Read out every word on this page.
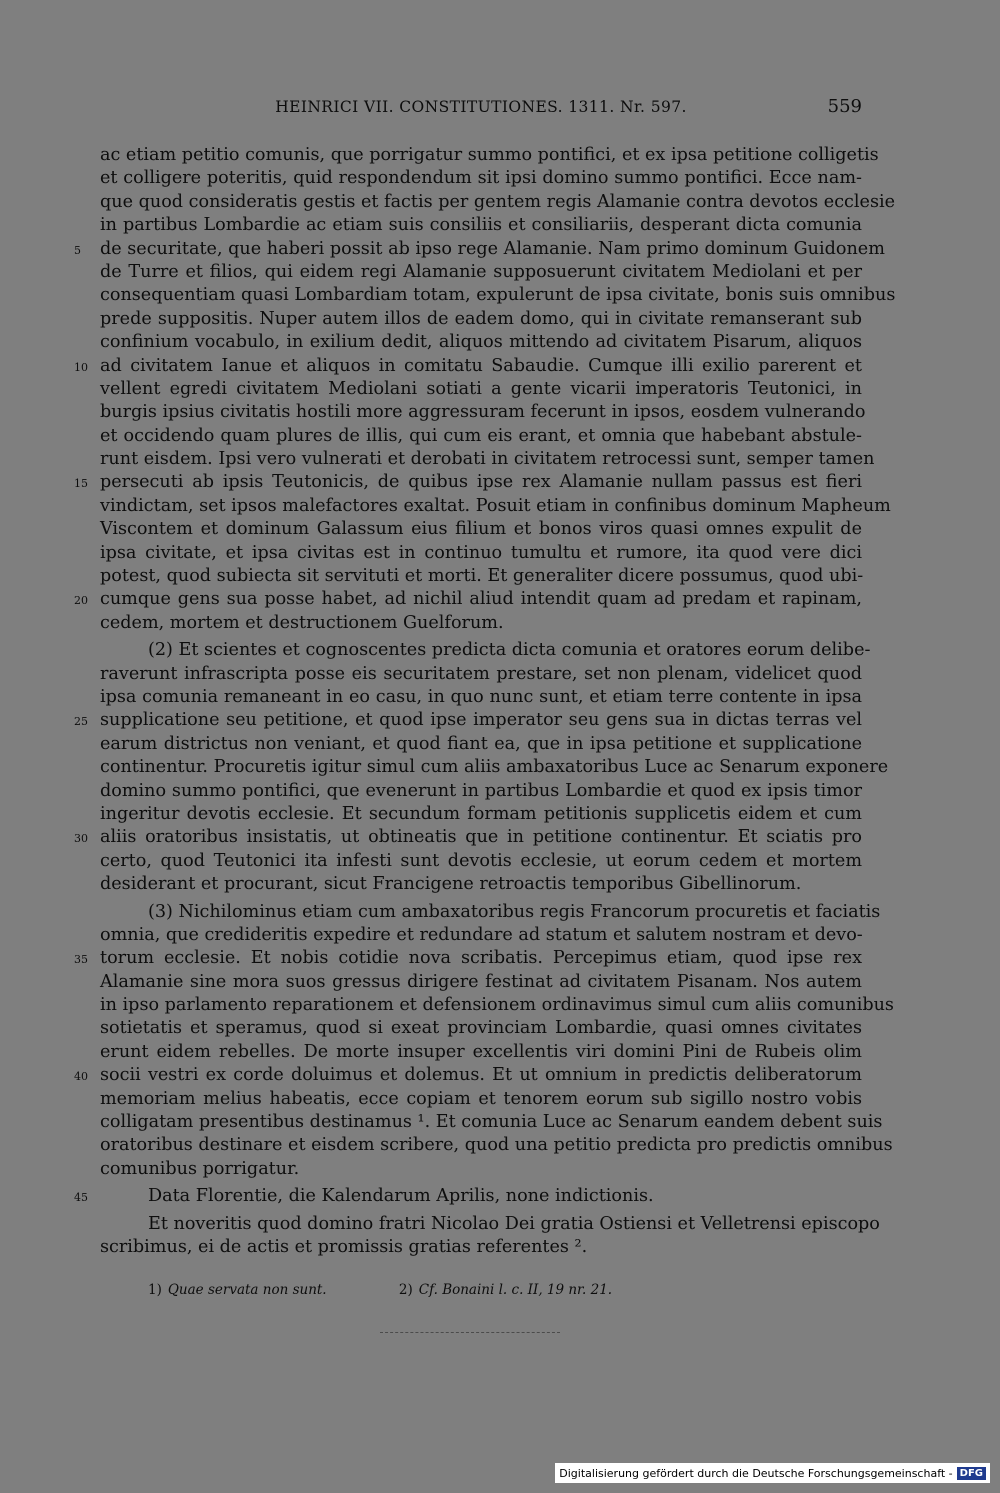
HEINRICI VII. CONSTITUTIONES. 1311. Nr. 597.	559
ac etiam petitio comunis, que porrigatur summo pontifici, et ex ipsa petitione colligetis
et colligere poteritis, quid respondendum sit ipsi domino summo pontifici. Ecce nam-
que quod consideratis gestis et factis per gentem regis Alamanie contra devotos ecclesie
in partibus Lombardie ac etiam suis consiliis et consiliariis, desperant dicta comunia
5	de securitate, que haberi possit ab ipso rege Alamanie. Nam primo dominum Guidonem
de Turre et filios, qui eidem regi Alamanie supposuerunt civitatem Mediolani et per
consequentiam quasi Lombardiam totam, expulerunt de ipsa civitate, bonis suis omnibus
prede suppositis. Nuper autem illos de eadem domo, qui in civitate remanserant sub
confinium vocabulo, in exilium dedit, aliquos mittendo ad civitatem Pisarum, aliquos
10 ad civitatem Ianue et aliquos in comitatu Sabaudie. Cumque illi exilio parerent et
vellent egredi civitatem Mediolani sotiati a gente vicarii imperatoris Teutonici, in
burgis ipsius civitatis hostili more aggressuram fecerunt in ipsos, eosdem vulnerando
et occidendo quam plures de illis, qui cum eis erant, et omnia que habebant abstule-
runt eisdem. Ipsi vero vulnerati et derobati in civitatem retrocessi sunt, semper tamen
15 persecuti ab ipsis Teutonicis, de quibus ipse rex Alamanie nullam passus est fieri
vindictam, set ipsos malefactores exaltat. Posuit etiam in confinibus dominum Mapheum
Viscontem et dominum Galassum eius filium et bonos viros quasi omnes expulit de
ipsa civitate, et ipsa civitas est in continuo tumultu et rumore, ita quod vere dici
potest, quod subiecta sit servituti et morti. Et generaliter dicere possumus, quod ubi-
20 cumque gens sua posse habet, ad nichil aliud intendit quam ad predam et rapinam,
cedem, mortem et destructionem Guelforum.
(2) Et scientes et cognoscentes predicta dicta comunia et oratores eorum delibe-
raverunt infrascripta posse eis securitatem prestare, set non plenam, videlicet quod
ipsa comunia remaneant in eo casu, in quo nunc sunt, et etiam terre contente in ipsa
25 supplicatione seu petitione, et quod ipse imperator seu gens sua in dictas terras vel
earum districtus non veniant, et quod fiant ea, que in ipsa petitione et supplicatione
continentur. Procuretis igitur simul cum aliis ambaxatoribus Luce ac Senarum exponere
domino summo pontifici, que evenerunt in partibus Lombardie et quod ex ipsis timor
ingeritur devotis ecclesie. Et secundum formam petitionis supplicetis eidem et cum
30 aliis oratoribus insistatis, ut obtineatis que in petitione continentur. Et sciatis pro
certo, quod Teutonici ita infesti sunt devotis ecclesie, ut eorum cedem et mortem
desiderant et procurant, sicut Francigene retroactis temporibus Gibellinorum.
(3) Nichilominus etiam cum ambaxatoribus regis Francorum procuretis et faciatis
omnia, que credideritis expedire et redundare ad statum et salutem nostram et devo-
35 torum ecclesie. Et nobis cotidie nova scribatis. Percepimus etiam, quod ipse rex
Alamanie sine mora suos gressus dirigere festinat ad civitatem Pisanam. Nos autem
in ipso parlamento reparationem et defensionem ordinavimus simul cum aliis comunibus
sotietatis et speramus, quod si exeat provinciam Lombardie, quasi omnes civitates
erunt eidem rebelles. De morte insuper excellentis viri domini Pini de Rubeis olim
40 socii vestri ex corde doluimus et dolemus. Et ut omnium in predictis deliberatorum
memoriam melius habeatis, ecce copiam et tenorem eorum sub sigillo nostro vobis
colligatam presentibus destinamus ¹. Et comunia Luce ac Senarum eandem debent suis
oratoribus destinare et eisdem scribere, quod una petitio predicta pro predictis omnibus
comunibus porrigatur.
45	Data Florentie, die Kalendarum Aprilis, none indictionis.
Et noveritis quod domino fratri Nicolao Dei gratia Ostiensi et Velletrensi episcopo
scribimus, ei de actis et promissis gratias referentes ².
1) Quae servata non sunt.	2) Cf. Bonaini l. c. II, 19 nr. 21.
Digitalisierung gefördert durch die Deutsche Forschungsgemeinschaft - DFG
